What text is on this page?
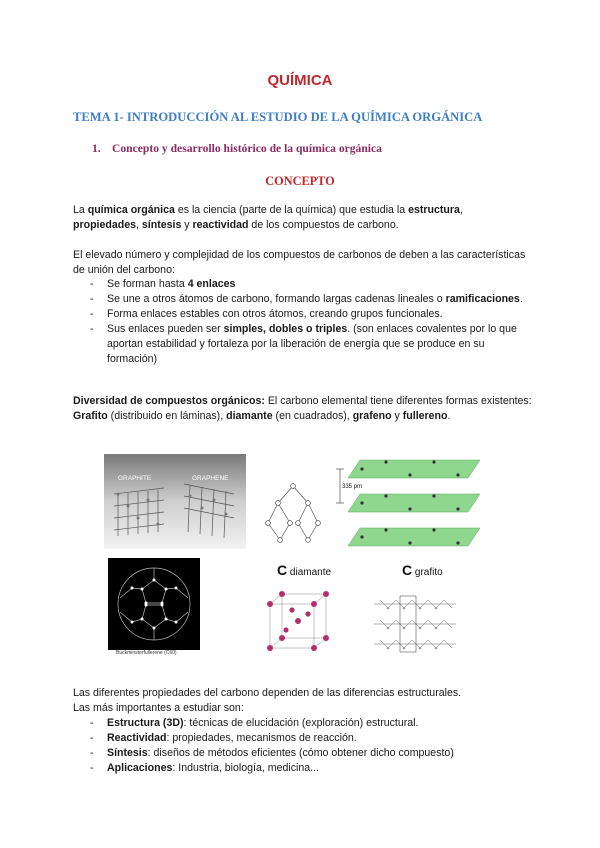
QUÍMICA
TEMA 1- INTRODUCCIÓN AL ESTUDIO DE LA QUÍMICA ORGÁNICA
1. Concepto y desarrollo histórico de la química orgánica
CONCEPTO
La química orgánica es la ciencia (parte de la química) que estudia la estructura,
propiedades, síntesis y reactividad de los compuestos de carbono.
El elevado número y complejidad de los compuestos de carbonos de deben a las características de unión del carbono:
- Se forman hasta 4 enlaces
- Se une a otros átomos de carbono, formando largas cadenas lineales o ramificaciones.
- Forma enlaces estables con otros átomos, creando grupos funcionales.
- Sus enlaces pueden ser simples, dobles o triples. (son enlaces covalentes por lo que aportan estabilidad y fortaleza por la liberación de energía que se produce en su formación)
Diversidad de compuestos orgánicos: El carbono elemental tiene diferentes formas existentes: Grafito (distribuido en láminas), diamante (en cuadrados), grafeno y fullereno.
GRAPHITE	GRAPHENE
335 pm
Buckminsterfullerene (C60)
C diamante	C grafito
Las diferentes propiedades del carbono dependen de las diferencias estructurales.
Las más importantes a estudiar son:
- Estructura (3D): técnicas de elucidación (exploración) estructural.
- Reactividad: propiedades, mecanismos de reacción.
- Síntesis: diseños de métodos eficientes (cómo obtener dicho compuesto)
- Aplicaciones: Industria, biología, medicina...
